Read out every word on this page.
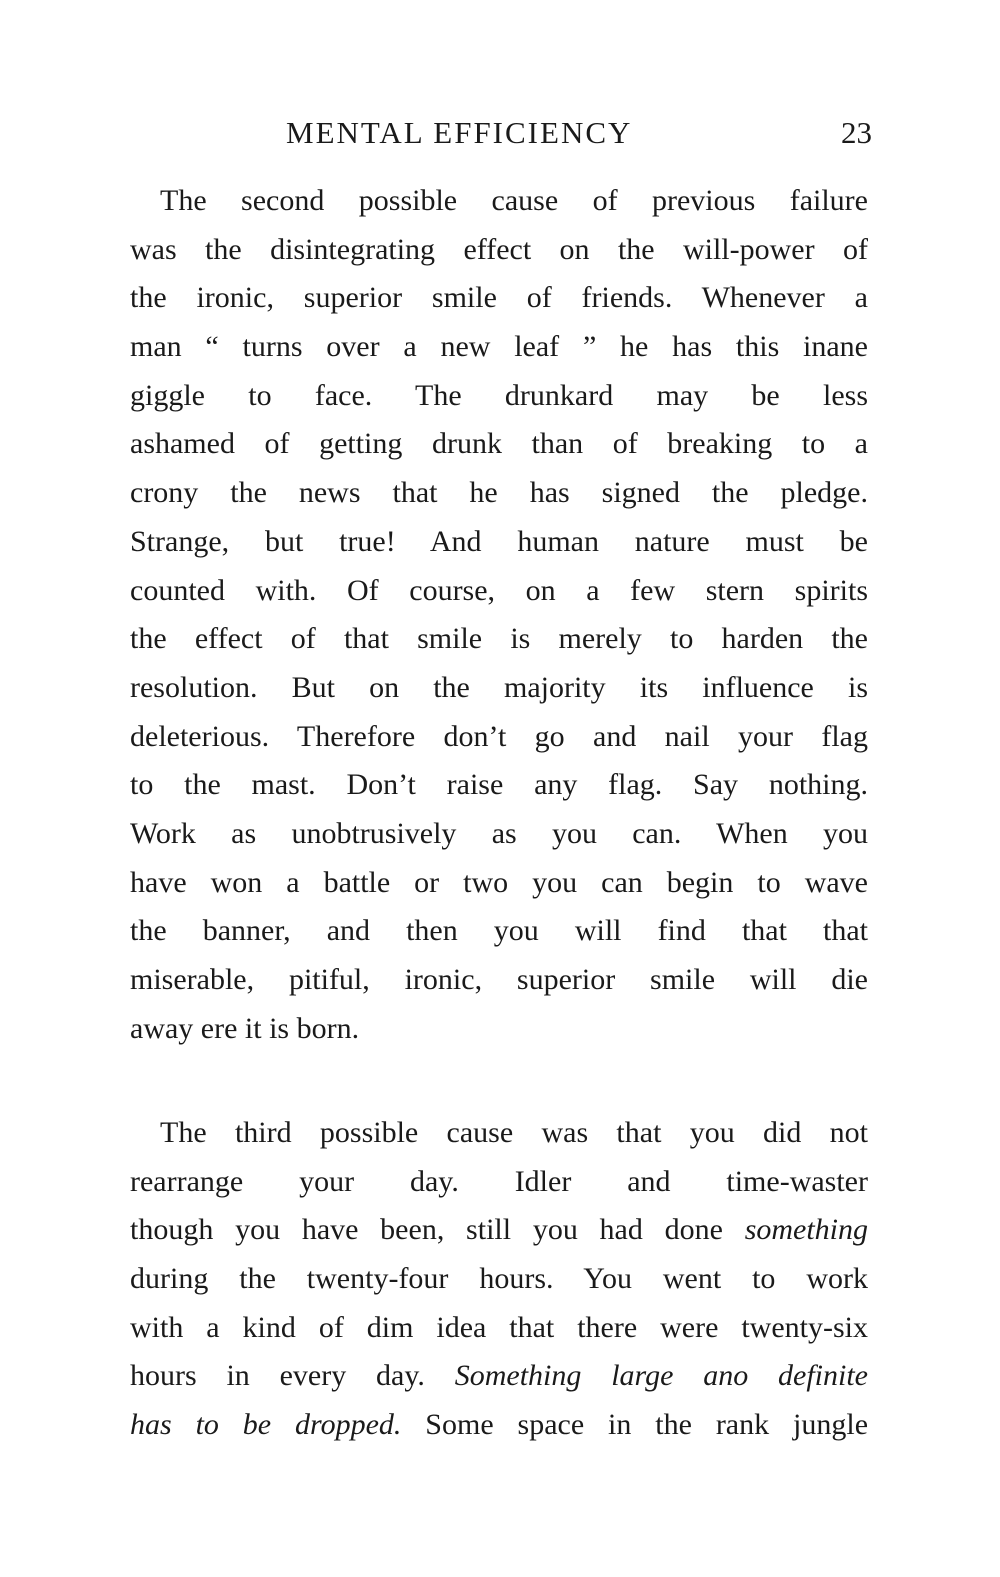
MENTAL EFFICIENCY	23
The second possible cause of previous failure
was the disintegrating effect on the will-power of
the ironic, superior smile of friends. Whenever a
man “ turns over a new leaf ” he has this inane
giggle to face. The drunkard may be less
ashamed of getting drunk than of breaking to a
crony the news that he has signed the pledge.
Strange, but true! And human nature must be
counted with. Of course, on a few stern spirits
the effect of that smile is merely to harden the
resolution. But on the majority its influence is
deleterious. Therefore don’t go and nail your flag
to the mast. Don’t raise any flag. Say nothing.
Work as unobtrusively as you can. When you
have won a battle or two you can begin to wave
the banner, and then you will find that that
miserable, pitiful, ironic, superior smile will die
away ere it is born.
The third possible cause was that you did not
rearrange your day. Idler and time-waster
though you have been, still you had done something
during the twenty-four hours. You went to work
with a kind of dim idea that there were twenty-six
hours in every day. Something large ano definite
has to be dropped. Some space in the rank jungle
